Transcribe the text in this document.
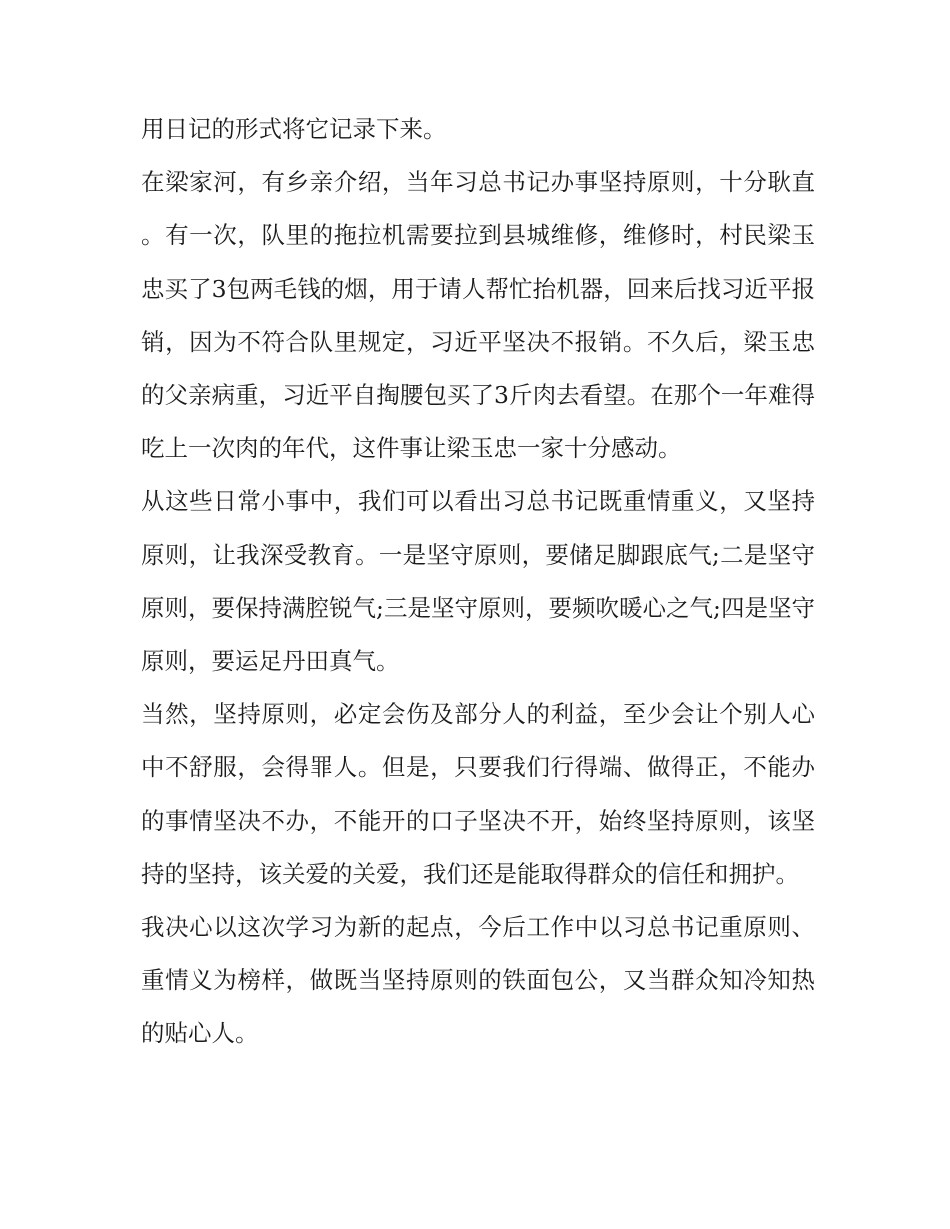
用日记的形式将它记录下来。

在梁家河，有乡亲介绍，当年习总书记办事坚持原则，十分耿直。有一次，队里的拖拉机需要拉到县城维修，维修时，村民梁玉忠买了3包两毛钱的烟，用于请人帮忙抬机器，回来后找习近平报销，因为不符合队里规定，习近平坚决不报销。不久后，梁玉忠的父亲病重，习近平自掏腰包买了3斤肉去看望。在那个一年难得吃上一次肉的年代，这件事让梁玉忠一家十分感动。

从这些日常小事中，我们可以看出习总书记既重情重义，又坚持原则，让我深受教育。一是坚守原则，要储足脚跟底气;二是坚守原则，要保持满腔锐气;三是坚守原则，要频吹暖心之气;四是坚守原则，要运足丹田真气。

当然，坚持原则，必定会伤及部分人的利益，至少会让个别人心中不舒服，会得罪人。但是，只要我们行得端、做得正，不能办的事情坚决不办，不能开的口子坚决不开，始终坚持原则，该坚持的坚持，该关爱的关爱，我们还是能取得群众的信任和拥护。

我决心以这次学习为新的起点，今后工作中以习总书记重原则、重情义为榜样，做既当坚持原则的铁面包公，又当群众知冷知热的贴心人。
